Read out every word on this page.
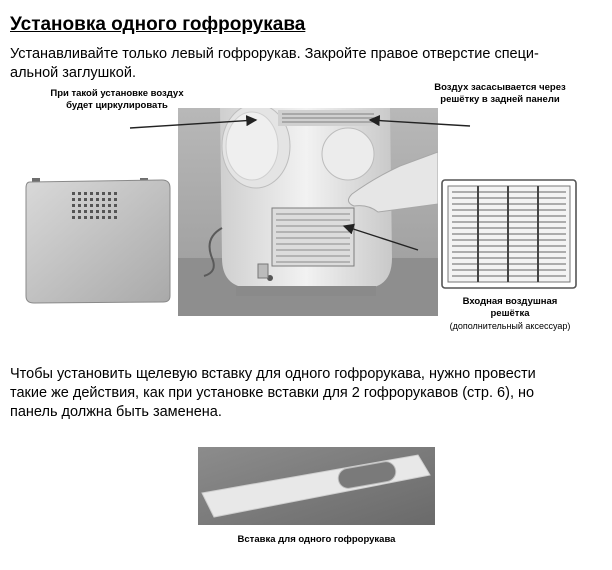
Установка одного гофрорукава
Устанавливайте только левый гофрорукав. Закройте правое отверстие специ-
альной заглушкой.
При такой установке воздух
будет циркулировать
Воздух засасывается через
решётку в задней панели
Входная воздушная
решётка
(дополнительный аксессуар)
Чтобы установить щелевую вставку для одного гофрорукава, нужно провести
такие же действия, как при установке вставки для 2 гофрорукавов (стр. 6), но
панель должна быть заменена.
Вставка для одного гофрорукава
